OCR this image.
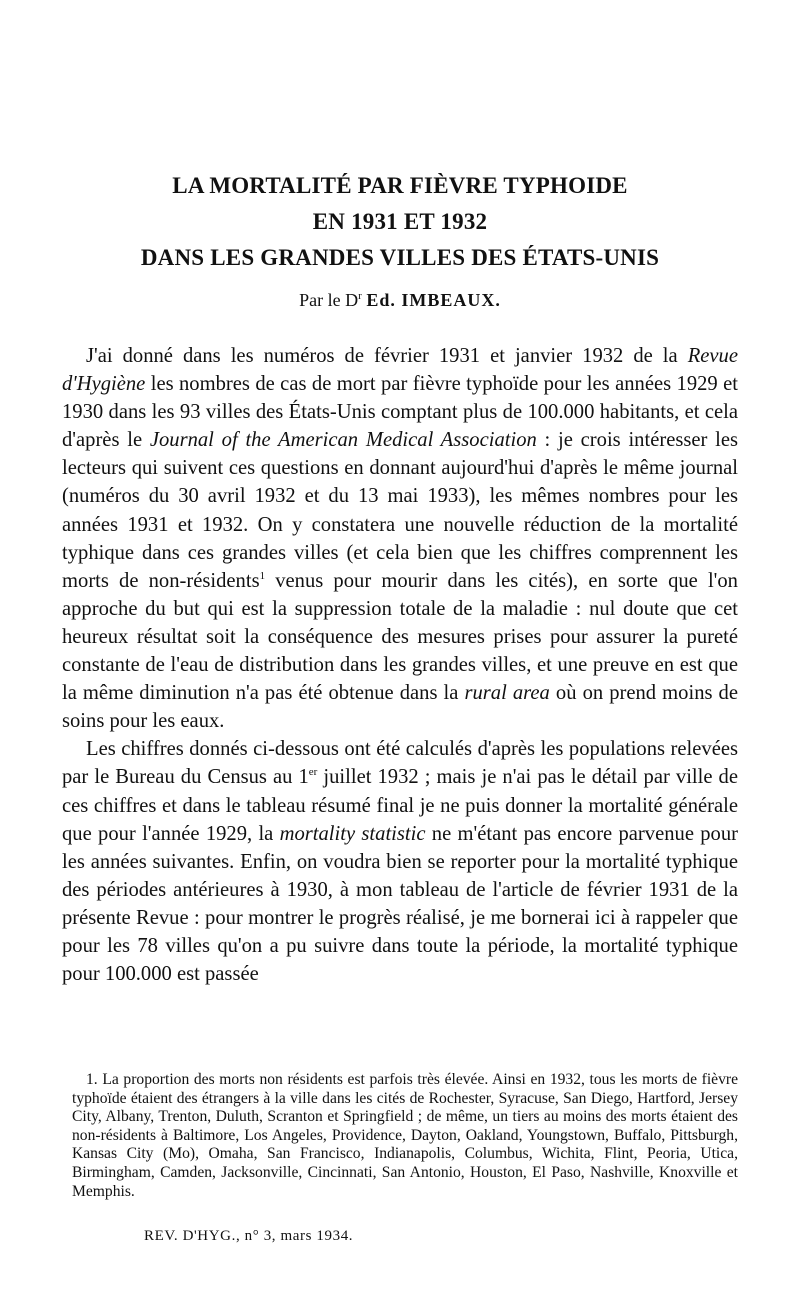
LA MORTALITÉ PAR FIÈVRE TYPHOIDE
EN 1931 ET 1932
DANS LES GRANDES VILLES DES ÉTATS-UNIS
Par le $D^r$ Ed. IMBEAUX.

J'ai donné dans les numéros de février 1931 et janvier 1932 de la Revue d'Hygiène les nombres de cas de mort par fièvre typhoïde pour les années 1929 et 1930 dans les 93 villes des États-Unis comptant plus de 100.000 habitants, et cela d'après le Journal of the American Medical Association : je crois intéresser les lecteurs qui suivent ces questions en donnant aujourd'hui d'après le même journal (numéros du 30 avril 1932 et du 13 mai 1933), les mêmes nombres pour les années 1931 et 1932. On y constatera une nouvelle réduction de la mortalité typhique dans ces grandes villes (et cela bien que les chiffres comprennent les morts de non-résidents$^1$ venus pour mourir dans les cités), en sorte que l'on approche du but qui est la suppression totale de la maladie : nul doute que cet heureux résultat soit la conséquence des mesures prises pour assurer la pureté constante de l'eau de distribution dans les grandes villes, et une preuve en est que la même diminution n'a pas été obtenue dans la rural area où on prend moins de soins pour les eaux.

Les chiffres donnés ci-dessous ont été calculés d'après les populations relevées par le Bureau du Census au 1er juillet 1932 ; mais je n'ai pas le détail par ville de ces chiffres et dans le tableau résumé final je ne puis donner la mortalité générale que pour l'année 1929, la mortality statistic ne m'étant pas encore parvenue pour les années suivantes. Enfin, on voudra bien se reporter pour la mortalité typhique des périodes antérieures à 1930, à mon tableau de l'article de février 1931 de la présente Revue : pour montrer le progrès réalisé, je me bornerai ici à rappeler que pour les 78 villes qu'on a pu suivre dans toute la période, la mortalité typhique pour 100.000 est passée

1. La proportion des morts non résidents est parfois très élevée. Ainsi en 1932, tous les morts de fièvre typhoïde étaient des étrangers à la ville dans les cités de Rochester, Syracuse, San Diego, Hartford, Jersey City, Albany, Trenton, Duluth, Scranton et Springfield ; de même, un tiers au moins des morts étaient des non-résidents à Baltimore, Los Angeles, Providence, Dayton, Oakland, Youngstown, Buffalo, Pittsburgh, Kansas City (Mo), Omaha, San Francisco, Indianapolis, Columbus, Wichita, Flint, Peoria, Utica, Birmingham, Camden, Jacksonville, Cincinnati, San Antonio, Houston, El Paso, Nashville, Knoxville et Memphis.

REV. D'HYG., n° 3, mars 1934.
